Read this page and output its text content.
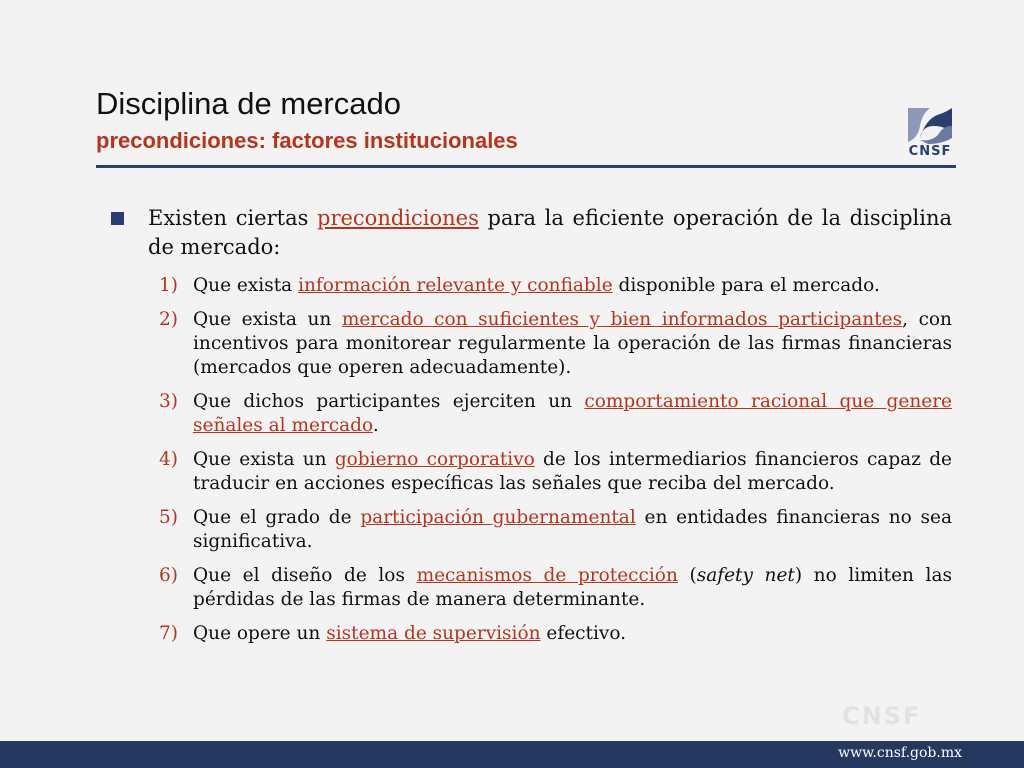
Disciplina de mercado
precondiciones: factores institucionales	CNSF
Existen ciertas precondiciones para la eficiente operación de la disciplina de mercado:
1) Que exista información relevante y confiable disponible para el mercado.
2) Que exista un mercado con suficientes y bien informados participantes, con incentivos para monitorear regularmente la operación de las firmas financieras (mercados que operen adecuadamente).
3) Que dichos participantes ejerciten un comportamiento racional que genere señales al mercado.
4) Que exista un gobierno corporativo de los intermediarios financieros capaz de traducir en acciones específicas las señales que reciba del mercado.
5) Que el grado de participación gubernamental en entidades financieras no sea significativa.
6) Que el diseño de los mecanismos de protección (safety net) no limiten las pérdidas de las firmas de manera determinante.
7) Que opere un sistema de supervisión efectivo.
CNSF
www.cnsf.gob.mx
